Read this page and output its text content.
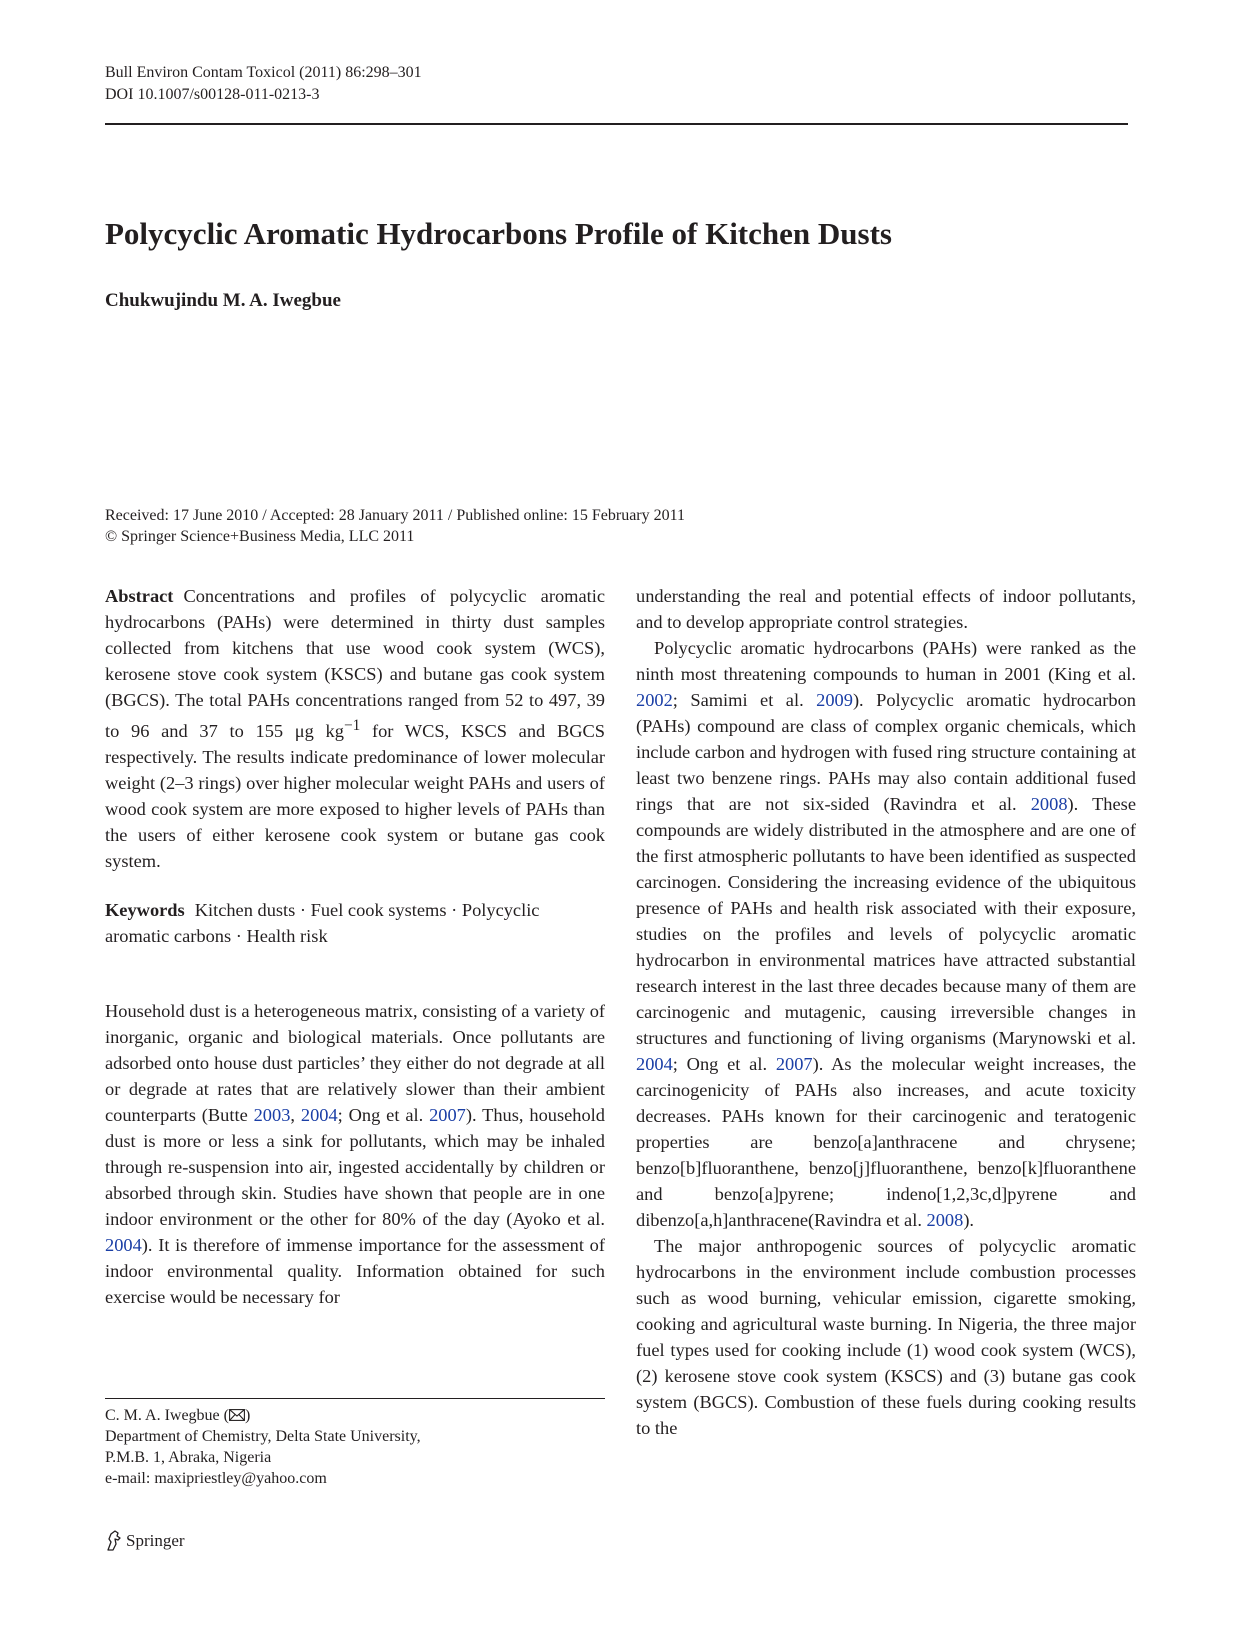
Bull Environ Contam Toxicol (2011) 86:298–301
DOI 10.1007/s00128-011-0213-3
Polycyclic Aromatic Hydrocarbons Profile of Kitchen Dusts
Chukwujindu M. A. Iwegbue
Received: 17 June 2010 / Accepted: 28 January 2011 / Published online: 15 February 2011
© Springer Science+Business Media, LLC 2011

Abstract Concentrations and profiles of polycyclic aromatic hydrocarbons (PAHs) were determined in thirty dust samples collected from kitchens that use wood cook system (WCS), kerosene stove cook system (KSCS) and butane gas cook system (BGCS). The total PAHs concentrations ranged from 52 to 497, 39 to 96 and 37 to 155 μg $kg^{-1}$ for WCS, KSCS and BGCS respectively. The results indicate predominance of lower molecular weight (2–3 rings) over higher molecular weight PAHs and users of wood cook system are more exposed to higher levels of PAHs than the users of either kerosene cook system or butane gas cook system.

Keywords Kitchen dusts · Fuel cook systems · Polycyclic aromatic carbons · Health risk

Household dust is a heterogeneous matrix, consisting of a variety of inorganic, organic and biological materials. Once pollutants are adsorbed onto house dust particles’ they either do not degrade at all or degrade at rates that are relatively slower than their ambient counterparts (Butte 2003, 2004; Ong et al. 2007). Thus, household dust is more or less a sink for pollutants, which may be inhaled through re-suspension into air, ingested accidentally by children or absorbed through skin. Studies have shown that people are in one indoor environment or the other for 80% of the day (Ayoko et al. 2004). It is therefore of immense importance for the assessment of indoor environmental quality. Information obtained for such exercise would be necessary for

C. M. A. Iwegbue ( )
Department of Chemistry, Delta State University,
P.M.B. 1, Abraka, Nigeria
e-mail: maxipriestley@yahoo.com

understanding the real and potential effects of indoor pollutants, and to develop appropriate control strategies.

Polycyclic aromatic hydrocarbons (PAHs) were ranked as the ninth most threatening compounds to human in 2001 (King et al. 2002; Samimi et al. 2009). Polycyclic aromatic hydrocarbon (PAHs) compound are class of complex organic chemicals, which include carbon and hydrogen with fused ring structure containing at least two benzene rings. PAHs may also contain additional fused rings that are not six-sided (Ravindra et al. 2008). These compounds are widely distributed in the atmosphere and are one of the first atmospheric pollutants to have been identified as suspected carcinogen. Considering the increasing evidence of the ubiquitous presence of PAHs and health risk associated with their exposure, studies on the profiles and levels of polycyclic aromatic hydrocarbon in environmental matrices have attracted substantial research interest in the last three decades because many of them are carcinogenic and mutagenic, causing irreversible changes in structures and functioning of living organisms (Marynowski et al. 2004; Ong et al. 2007). As the molecular weight increases, the carcinogenicity of PAHs also increases, and acute toxicity decreases. PAHs known for their carcinogenic and teratogenic properties are benzo[a]anthracene and chrysene; benzo[b]fluoranthene, benzo[j]fluoranthene, benzo[k]fluoranthene and benzo[a]pyrene; indeno[1,2,3c,d]pyrene and dibenzo[a,h]anthracene(Ravindra et al. 2008).

The major anthropogenic sources of polycyclic aromatic hydrocarbons in the environment include combustion processes such as wood burning, vehicular emission, cigarette smoking, cooking and agricultural waste burning. In Nigeria, the three major fuel types used for cooking include (1) wood cook system (WCS), (2) kerosene stove cook system (KSCS) and (3) butane gas cook system (BGCS). Combustion of these fuels during cooking results to the

Springer
